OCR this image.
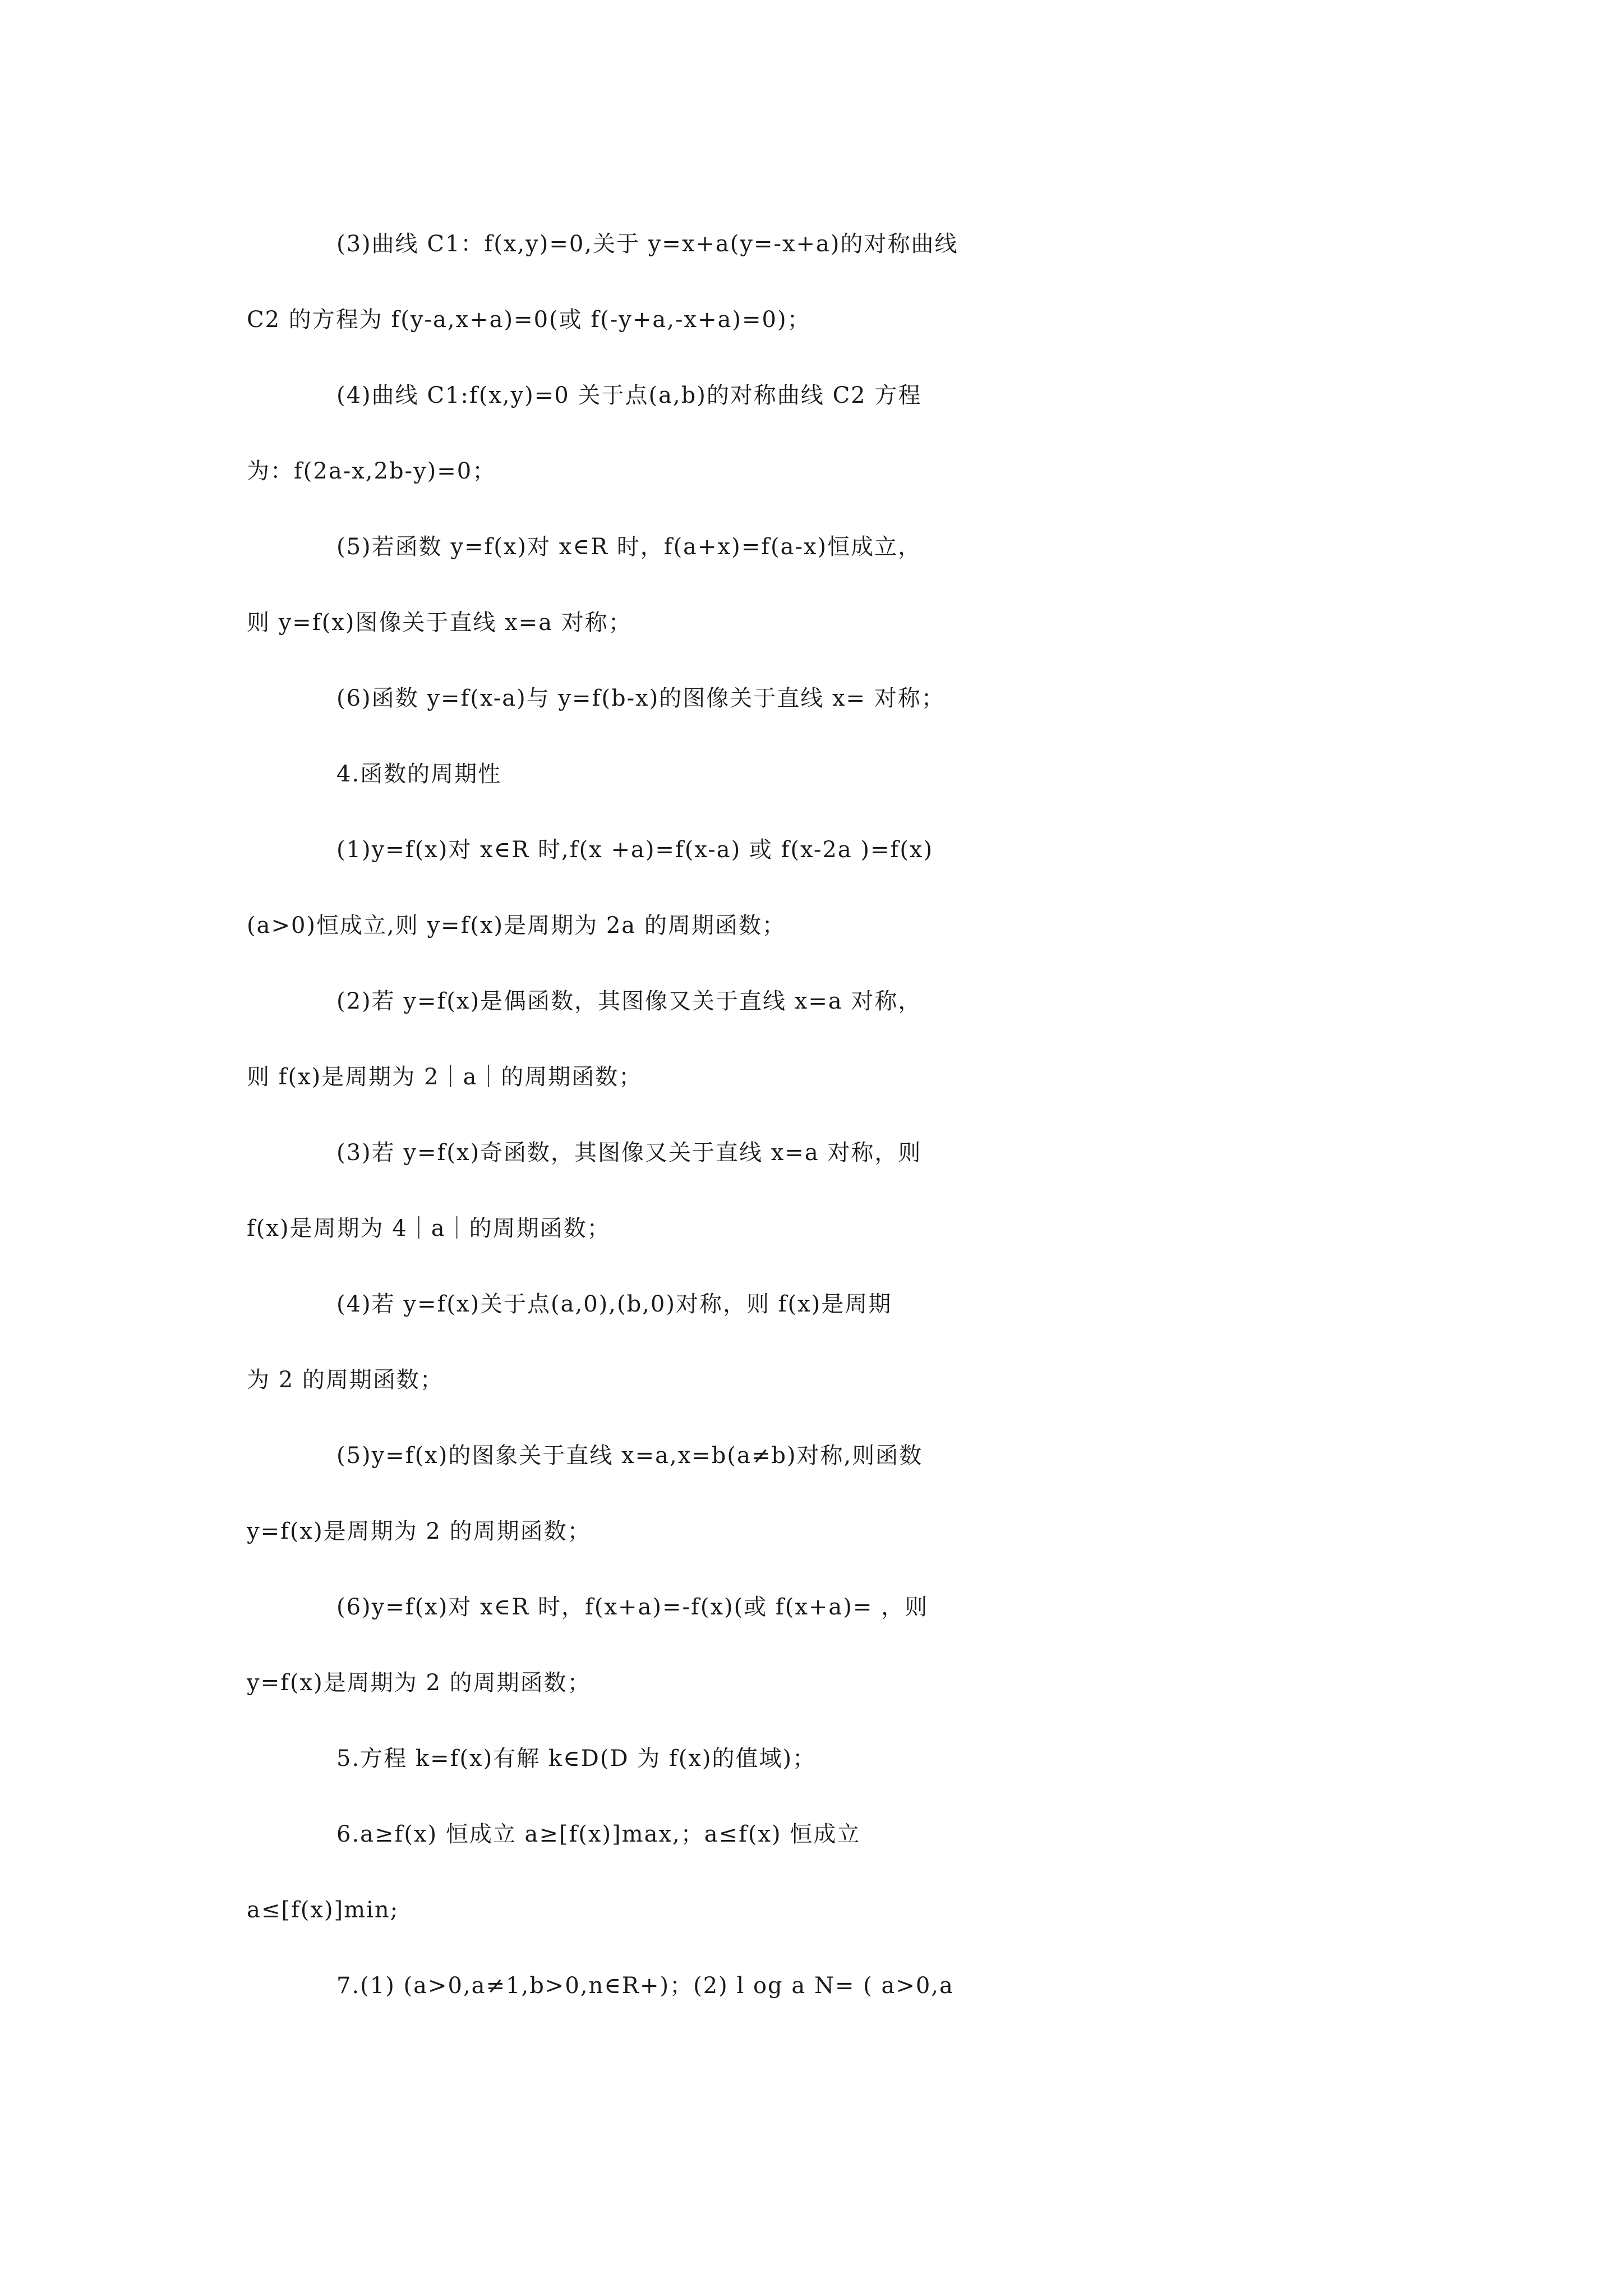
(3)曲线 C1：f(x,y)=0,关于 y=x+a(y=-x+a)的对称曲线
C2 的方程为 f(y-a,x+a)=0(或 f(-y+a,-x+a)=0)；
(4)曲线 C1:f(x,y)=0 关于点(a,b)的对称曲线 C2 方程
为：f(2a-x,2b-y)=0；
(5)若函数 y=f(x)对 x∈R 时，f(a+x)=f(a-x)恒成立，
则 y=f(x)图像关于直线 x=a 对称；
(6)函数 y=f(x-a)与 y=f(b-x)的图像关于直线 x= 对称；
4.函数的周期性
(1)y=f(x)对 x∈R 时,f(x +a)=f(x-a) 或 f(x-2a )=f(x)
(a>0)恒成立,则 y=f(x)是周期为 2a 的周期函数；
(2)若 y=f(x)是偶函数，其图像又关于直线 x=a 对称，
则 f(x)是周期为 2｜a｜的周期函数；
(3)若 y=f(x)奇函数，其图像又关于直线 x=a 对称，则
f(x)是周期为 4｜a｜的周期函数；
(4)若 y=f(x)关于点(a,0),(b,0)对称，则 f(x)是周期
为 2 的周期函数；
(5)y=f(x)的图象关于直线 x=a,x=b(a≠b)对称,则函数
y=f(x)是周期为 2 的周期函数；
(6)y=f(x)对 x∈R 时，f(x+a)=-f(x)(或 f(x+a)= ，则
y=f(x)是周期为 2 的周期函数；
5.方程 k=f(x)有解 k∈D(D 为 f(x)的值域)；
6.a≥f(x) 恒成立 a≥[f(x)]max,；a≤f(x) 恒成立
a≤[f(x)]min;
7.(1) (a>0,a≠1,b>0,n∈R+)；(2) l og a N= ( a>0,a
